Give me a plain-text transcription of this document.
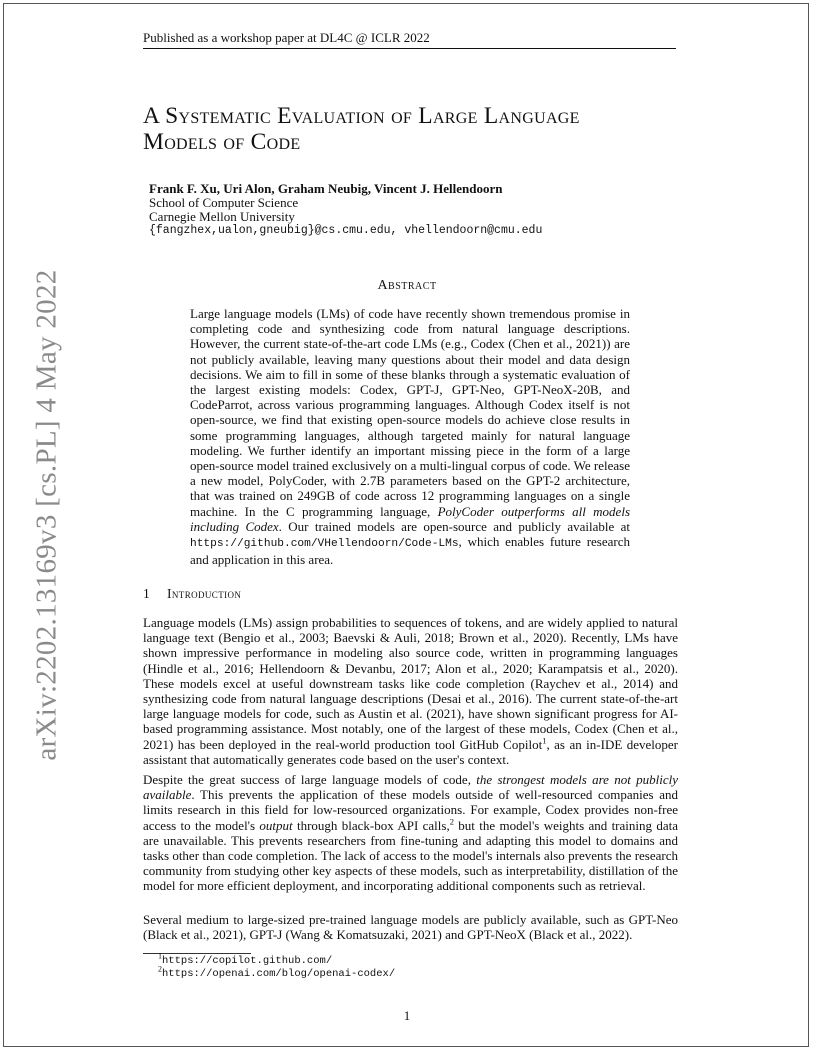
Published as a workshop paper at DL4C @ ICLR 2022
arXiv:2202.13169v3 [cs.PL] 4 May 2022
A Systematic Evaluation of Large Language
Models of Code
Frank F. Xu, Uri Alon, Graham Neubig, Vincent J. Hellendoorn
School of Computer Science
Carnegie Mellon University
{fangzhex,ualon,gneubig}@cs.cmu.edu, vhellendoorn@cmu.edu
Abstract
Large language models (LMs) of code have recently shown tremendous promise in completing code and synthesizing code from natural language descriptions. However, the current state-of-the-art code LMs (e.g., Codex (Chen et al., 2021)) are not publicly available, leaving many questions about their model and data design decisions. We aim to fill in some of these blanks through a systematic evaluation of the largest existing models: Codex, GPT-J, GPT-Neo, GPT-NeoX-20B, and CodeParrot, across various programming languages. Although Codex itself is not open-source, we find that existing open-source models do achieve close results in some programming languages, although targeted mainly for natural language modeling. We further identify an important missing piece in the form of a large open-source model trained exclusively on a multi-lingual corpus of code. We release a new model, PolyCoder, with 2.7B parameters based on the GPT-2 architecture, that was trained on 249GB of code across 12 programming languages on a single machine. In the C programming language, PolyCoder outperforms all models including Codex. Our trained models are open-source and publicly available at https://github.com/VHellendoorn/Code-LMs, which enables future research and application in this area.
1 Introduction
Language models (LMs) assign probabilities to sequences of tokens, and are widely applied to natural language text (Bengio et al., 2003; Baevski & Auli, 2018; Brown et al., 2020). Recently, LMs have shown impressive performance in modeling also source code, written in programming languages (Hindle et al., 2016; Hellendoorn & Devanbu, 2017; Alon et al., 2020; Karampatsis et al., 2020). These models excel at useful downstream tasks like code completion (Raychev et al., 2014) and synthesizing code from natural language descriptions (Desai et al., 2016). The current state-of-the-art large language models for code, such as Austin et al. (2021), have shown significant progress for AI-based programming assistance. Most notably, one of the largest of these models, Codex (Chen et al., 2021) has been deployed in the real-world production tool GitHub Copilot$^1$, as an in-IDE developer assistant that automatically generates code based on the user's context.
Despite the great success of large language models of code, the strongest models are not publicly available. This prevents the application of these models outside of well-resourced companies and limits research in this field for low-resourced organizations. For example, Codex provides non-free access to the model's output through black-box API calls,$^2$ but the model's weights and training data are unavailable. This prevents researchers from fine-tuning and adapting this model to domains and tasks other than code completion. The lack of access to the model's internals also prevents the research community from studying other key aspects of these models, such as interpretability, distillation of the model for more efficient deployment, and incorporating additional components such as retrieval.
Several medium to large-sized pre-trained language models are publicly available, such as GPT-Neo (Black et al., 2021), GPT-J (Wang & Komatsuzaki, 2021) and GPT-NeoX (Black et al., 2022).
$^1$https://copilot.github.com/
$^2$https://openai.com/blog/openai-codex/
1
